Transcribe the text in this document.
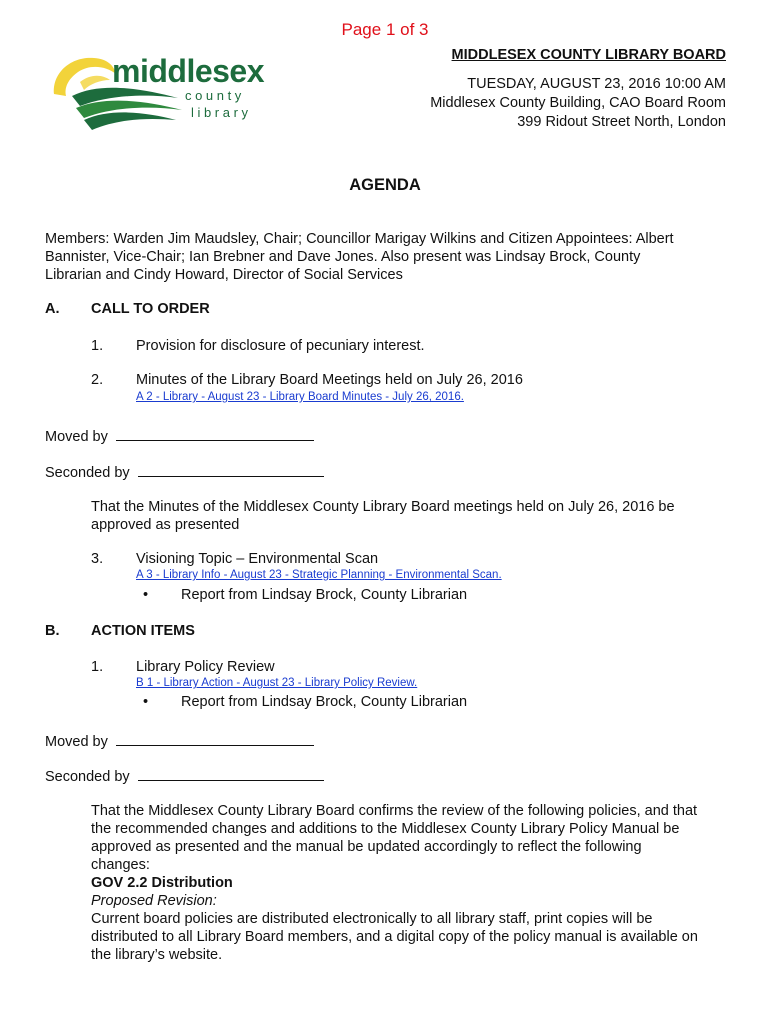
Page 1 of 3
middlesex
county
library
MIDDLESEX COUNTY LIBRARY BOARD
TUESDAY, AUGUST 23, 2016 10:00 AM
Middlesex County Building, CAO Board Room
399 Ridout Street North, London
AGENDA
Members: Warden Jim Maudsley, Chair; Councillor Marigay Wilkins and Citizen Appointees: Albert
Bannister, Vice-Chair; Ian Brebner and Dave Jones. Also present was Lindsay Brock, County
Librarian and Cindy Howard, Director of Social Services
A. CALL TO ORDER
1. Provision for disclosure of pecuniary interest.
2. Minutes of the Library Board Meetings held on July 26, 2016
A 2 - Library - August 23 - Library Board Minutes - July 26, 2016.
Moved by
Seconded by
That the Minutes of the Middlesex County Library Board meetings held on July 26, 2016 be
approved as presented
3. Visioning Topic – Environmental Scan
A 3 - Library Info - August 23 - Strategic Planning - Environmental Scan.
• Report from Lindsay Brock, County Librarian
B. ACTION ITEMS
1. Library Policy Review
B 1 - Library Action - August 23 - Library Policy Review.
• Report from Lindsay Brock, County Librarian
Moved by
Seconded by
That the Middlesex County Library Board confirms the review of the following policies, and that
the recommended changes and additions to the Middlesex County Library Policy Manual be
approved as presented and the manual be updated accordingly to reflect the following
changes:
GOV 2.2 Distribution
Proposed Revision:
Current board policies are distributed electronically to all library staff, print copies will be
distributed to all Library Board members, and a digital copy of the policy manual is available on
the library’s website.
